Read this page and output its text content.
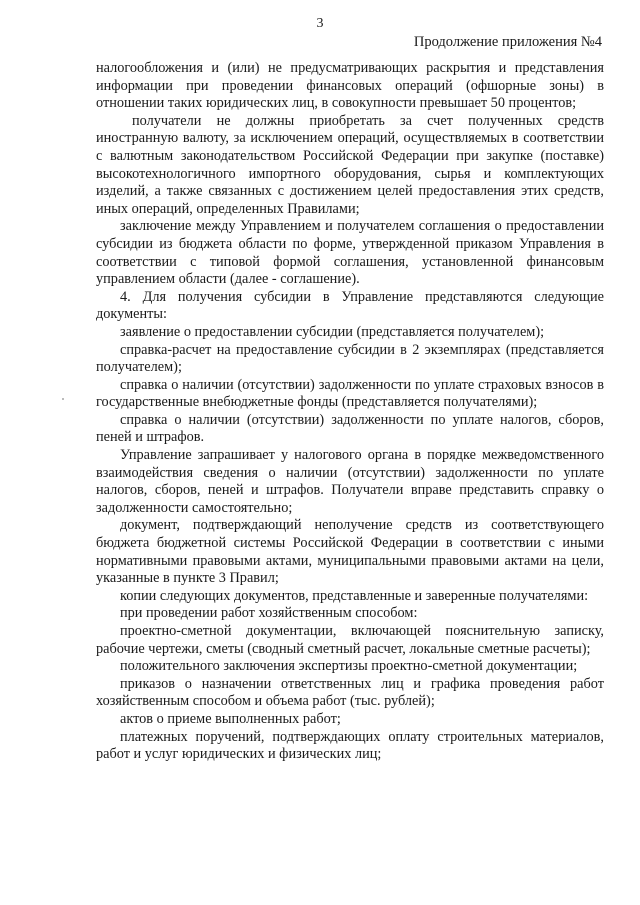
3
Продолжение приложения №4

налогообложения и (или) не предусматривающих раскрытия и представления информации при проведении финансовых операций (офшорные зоны) в отношении таких юридических лиц, в совокупности превышает 50 процентов;

получатели не должны приобретать за счет полученных средств иностранную валюту, за исключением операций, осуществляемых в соответствии с валютным законодательством Российской Федерации при закупке (поставке) высокотехнологичного импортного оборудования, сырья и комплектующих изделий, а также связанных с достижением целей предоставления этих средств, иных операций, определенных Правилами;

заключение между Управлением и получателем соглашения о предоставлении субсидии из бюджета области по форме, утвержденной приказом Управления в соответствии с типовой формой соглашения, установленной финансовым управлением области (далее - соглашение).

4. Для получения субсидии в Управление представляются следующие документы:

заявление о предоставлении субсидии (представляется получателем);

справка-расчет на предоставление субсидии в 2 экземплярах (представляется получателем);

справка о наличии (отсутствии) задолженности по уплате страховых взносов в государственные внебюджетные фонды (представляется получателями);

справка о наличии (отсутствии) задолженности по уплате налогов, сборов, пеней и штрафов.

Управление запрашивает у налогового органа в порядке межведомственного взаимодействия сведения о наличии (отсутствии) задолженности по уплате налогов, сборов, пеней и штрафов. Получатели вправе представить справку о задолженности самостоятельно;

документ, подтверждающий неполучение средств из соответствующего бюджета бюджетной системы Российской Федерации в соответствии с иными нормативными правовыми актами, муниципальными правовыми актами на цели, указанные в пункте 3 Правил;

копии следующих документов, представленные и заверенные получателями:

при проведении работ хозяйственным способом:

проектно-сметной документации, включающей пояснительную записку, рабочие чертежи, сметы (сводный сметный расчет, локальные сметные расчеты);

положительного заключения экспертизы проектно-сметной документации;

приказов о назначении ответственных лиц и графика проведения работ хозяйственным способом и объема работ (тыс. рублей);

актов о приеме выполненных работ;

платежных поручений, подтверждающих оплату строительных материалов, работ и услуг юридических и физических лиц;
